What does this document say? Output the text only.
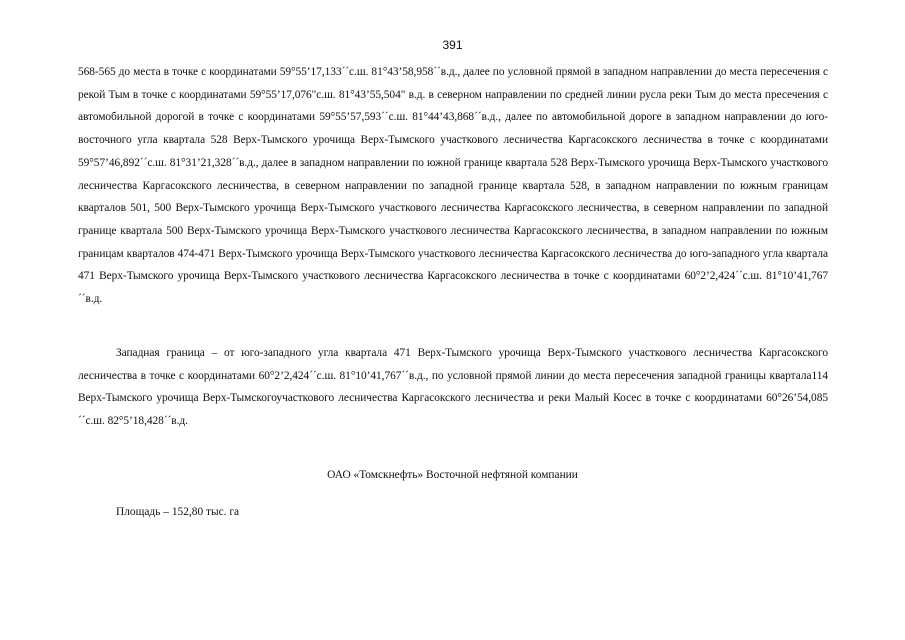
391

568-565 до места в точке с координатами 59°55’17,133´´с.ш. 81°43’58,958´´в.д., далее по условной прямой в западном направлении до места пересечения с рекой Тым в точке с координатами 59°55’17,076"с.ш. 81°43’55,504" в.д. в северном направлении по средней линии русла реки Тым до места пресечения с автомобильной дорогой в точке с координатами 59°55’57,593´´с.ш. 81°44’43,868´´в.д., далее по автомобильной дороге в западном направлении до юго-восточного угла квартала 528 Верх-Тымского урочища Верх-Тымского участкового лесничества Каргасокского лесничества в точке с координатами 59°57’46,892´´с.ш. 81°31’21,328´´в.д., далее в западном направлении по южной границе квартала 528 Верх-Тымского урочища Верх-Тымского участкового лесничества Каргасокского лесничества, в северном направлении по западной границе квартала 528, в западном направлении по южным границам кварталов 501, 500 Верх-Тымского урочища Верх-Тымского участкового лесничества Каргасокского лесничества, в северном направлении по западной границе квартала 500 Верх-Тымского урочища Верх-Тымского участкового лесничества Каргасокского лесничества, в западном направлении по южным границам кварталов 474-471 Верх-Тымского урочища Верх-Тымского участкового лесничества Каргасокского лесничества до юго-западного угла квартала 471 Верх-Тымского урочища Верх-Тымского участкового лесничества Каргасокского лесничества в точке с координатами 60°2’2,424´´с.ш. 81°10’41,767´´в.д.

Западная граница – от юго-западного угла квартала 471 Верх-Тымского урочища Верх-Тымского участкового лесничества Каргасокского лесничества в точке с координатами 60°2’2,424´´с.ш. 81°10’41,767´´в.д., по условной прямой линии до места пересечения западной границы квартала114 Верх-Тымского урочища Верх-Тымскогоучасткового лесничества Каргасокского лесничества и реки Малый Косес в точке с координатами 60°26’54,085´´с.ш. 82°5’18,428´´в.д.

ОАО «Томскнефть» Восточной нефтяной компании
Площадь – 152,80 тыс. га
